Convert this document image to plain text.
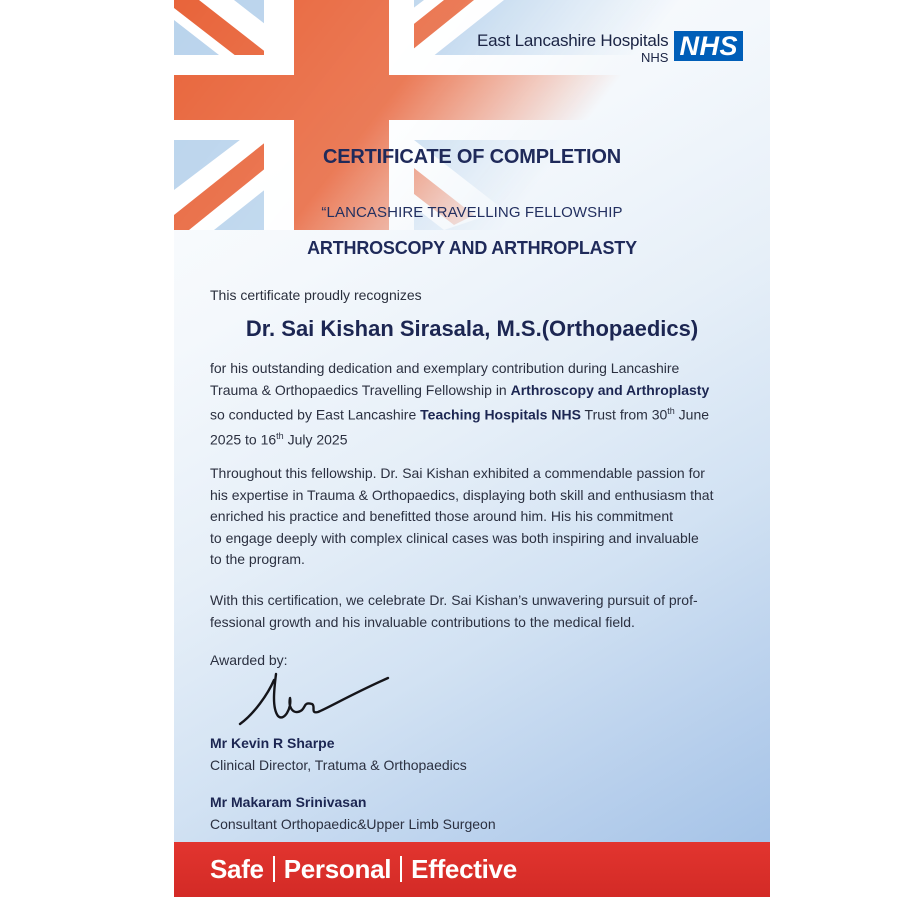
East Lancashire Hospitals
NHS NHS
CERTIFICATE OF COMPLETION
“LANCASHIRE TRAVELLING FELLOWSHIP
ARTHROSCOPY AND ARTHROPLASTY
This certificate proudly recognizes
Dr. Sai Kishan Sirasala, M.S.(Orthopaedics)
for his outstanding dedication and exemplary contribution during Lancashire
Trauma & Orthopaedics Travelling Fellowship in Arthroscopy and Arthroplasty
so conducted by East Lancashire Teaching Hospitals NHS Trust from 30th June
2025 to 16th July 2025
Throughout this fellowship. Dr. Sai Kishan exhibited a commendable passion for
his expertise in Trauma & Orthopaedics, displaying both skill and enthusiasm that
enriched his practice and benefitted those around him. His his commitment
to engage deeply with complex clinical cases was both inspiring and invaluable
to the program.
With this certification, we celebrate Dr. Sai Kishan’s unwavering pursuit of prof-
fessional growth and his invaluable contributions to the medical field.
Awarded by:
Mr Kevin R Sharpe
Clinical Director, Tratuma & Orthopaedics
Mr Makaram Srinivasan
Consultant Orthopaedic&Upper Limb Surgeon
Safe Personal Effective
